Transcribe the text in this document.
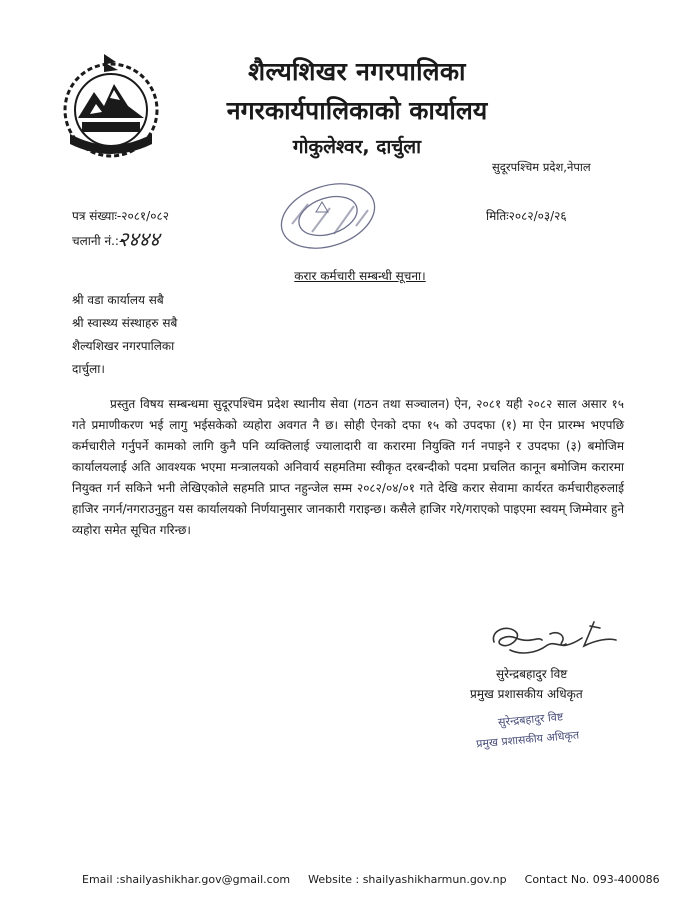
शैल्यशिखर नगरपालिका
नगरकार्यपालिकाको कार्यालय
गोकुलेश्वर, दार्चुला
सुदूरपश्चिम प्रदेश,नेपाल
पत्र संख्याः-२०८१/०८२
चलानी नं.:-
२४४४
मितिः२०८२/०३/२६
करार कर्मचारी सम्बन्धी सूचना।
श्री वडा कार्यालय सबै
श्री स्वास्थ्य संस्थाहरु सबै
शैल्यशिखर नगरपालिका
दार्चुला।
प्रस्तुत विषय सम्बन्धमा सुदूरपश्चिम प्रदेश स्थानीय सेवा (गठन तथा सञ्चालन) ऐन, २०८१ यही २०८२ साल असार १५ गते प्रमाणीकरण भई लागु भईसकेको व्यहोरा अवगत नै छ। सोही ऐनको दफा १५ को उपदफा (१) मा ऐन प्रारम्भ भएपछि कर्मचारीले गर्नुपर्ने कामको लागि कुनै पनि व्यक्तिलाई ज्यालादारी वा करारमा नियुक्ति गर्न नपाइने र उपदफा (३) बमोजिम कार्यालयलाई अति आवश्यक भएमा मन्त्रालयको अनिवार्य सहमतिमा स्वीकृत दरबन्दीको पदमा प्रचलित कानून बमोजिम करारमा नियुक्त गर्न सकिने भनी लेखिएकोले सहमति प्राप्त नहुन्जेल सम्म २०८२/०४/०१ गते देखि करार सेवामा कार्यरत कर्मचारीहरुलाई हाजिर नगर्न/नगराउनुहुन यस कार्यालयको निर्णयानुसार जानकारी गराइन्छ। कसैले हाजिर गरे/गराएको पाइएमा स्वयम् जिम्मेवार हुने व्यहोरा समेत सूचित गरिन्छ।
सुरेन्द्रबहादुर विष्ट
प्रमुख प्रशासकीय अधिकृत
सुरेन्द्रबहादुर विष्ट
प्रमुख प्रशासकीय अधिकृत
Email :shailyashikhar.gov@gmail.com Website : shailyashikharmun.gov.np Contact No. 093-400086
